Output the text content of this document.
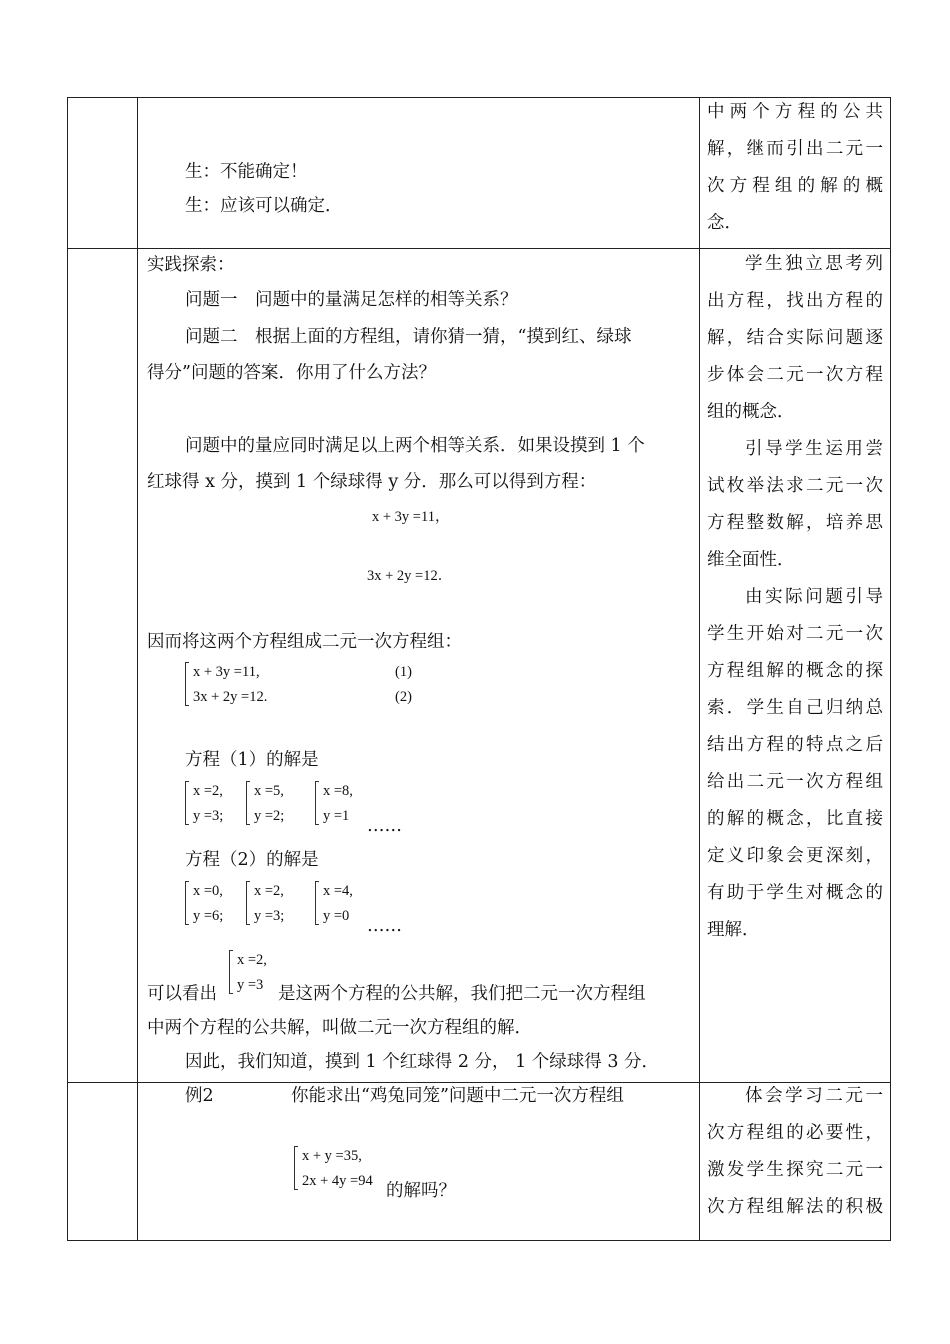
生：不能确定！
生：应该可以确定．
中两个方程的公共
解，继而引出二元一
次方程组的解的概
念．
实践探索：
问题一　问题中的量满足怎样的相等关系？
问题二　根据上面的方程组，请你猜一猜，“摸到红、绿球
得分”问题的答案．你用了什么方法？
问题中的量应同时满足以上两个相等关系．如果设摸到 1 个
红球得 x 分，摸到 1 个绿球得 y 分．那么可以得到方程：
x + 3y =11，
3x + 2y =12．
因而将这两个方程组成二元一次方程组：
x + 3y =11,
3x + 2y =12.
(1)
(2)
方程（1）的解是
x =2,
y =3;
x =5,
y =2;
x =8,
y =1 ……
方程（2）的解是
x =0,
y =6;
x =2,
y =3;
x =4,
y =0 ……
可以看出
x =2,
y =3 是这两个方程的公共解，我们把二元一次方程组
中两个方程的公共解，叫做二元一次方程组的解．
因此，我们知道，摸到 1 个红球得 2 分， 1 个绿球得 3 分．
学生独立思考列
出方程，找出方程的
解，结合实际问题逐
步体会二元一次方程
组的概念．
引导学生运用尝
试枚举法求二元一次
方程整数解，培养思
维全面性．
由实际问题引导
学生开始对二元一次
方程组解的概念的探
索．学生自己归纳总
结出方程的特点之后
给出二元一次方程组
的解的概念，比直接
定义印象会更深刻，
有助于学生对概念的
理解．
例2	你能求出“鸡兔同笼”问题中二元一次方程组
x + y =35,
2x + 4y =94 的解吗？
体会学习二元一
次方程组的必要性，
激发学生探究二元一
次方程组解法的积极
